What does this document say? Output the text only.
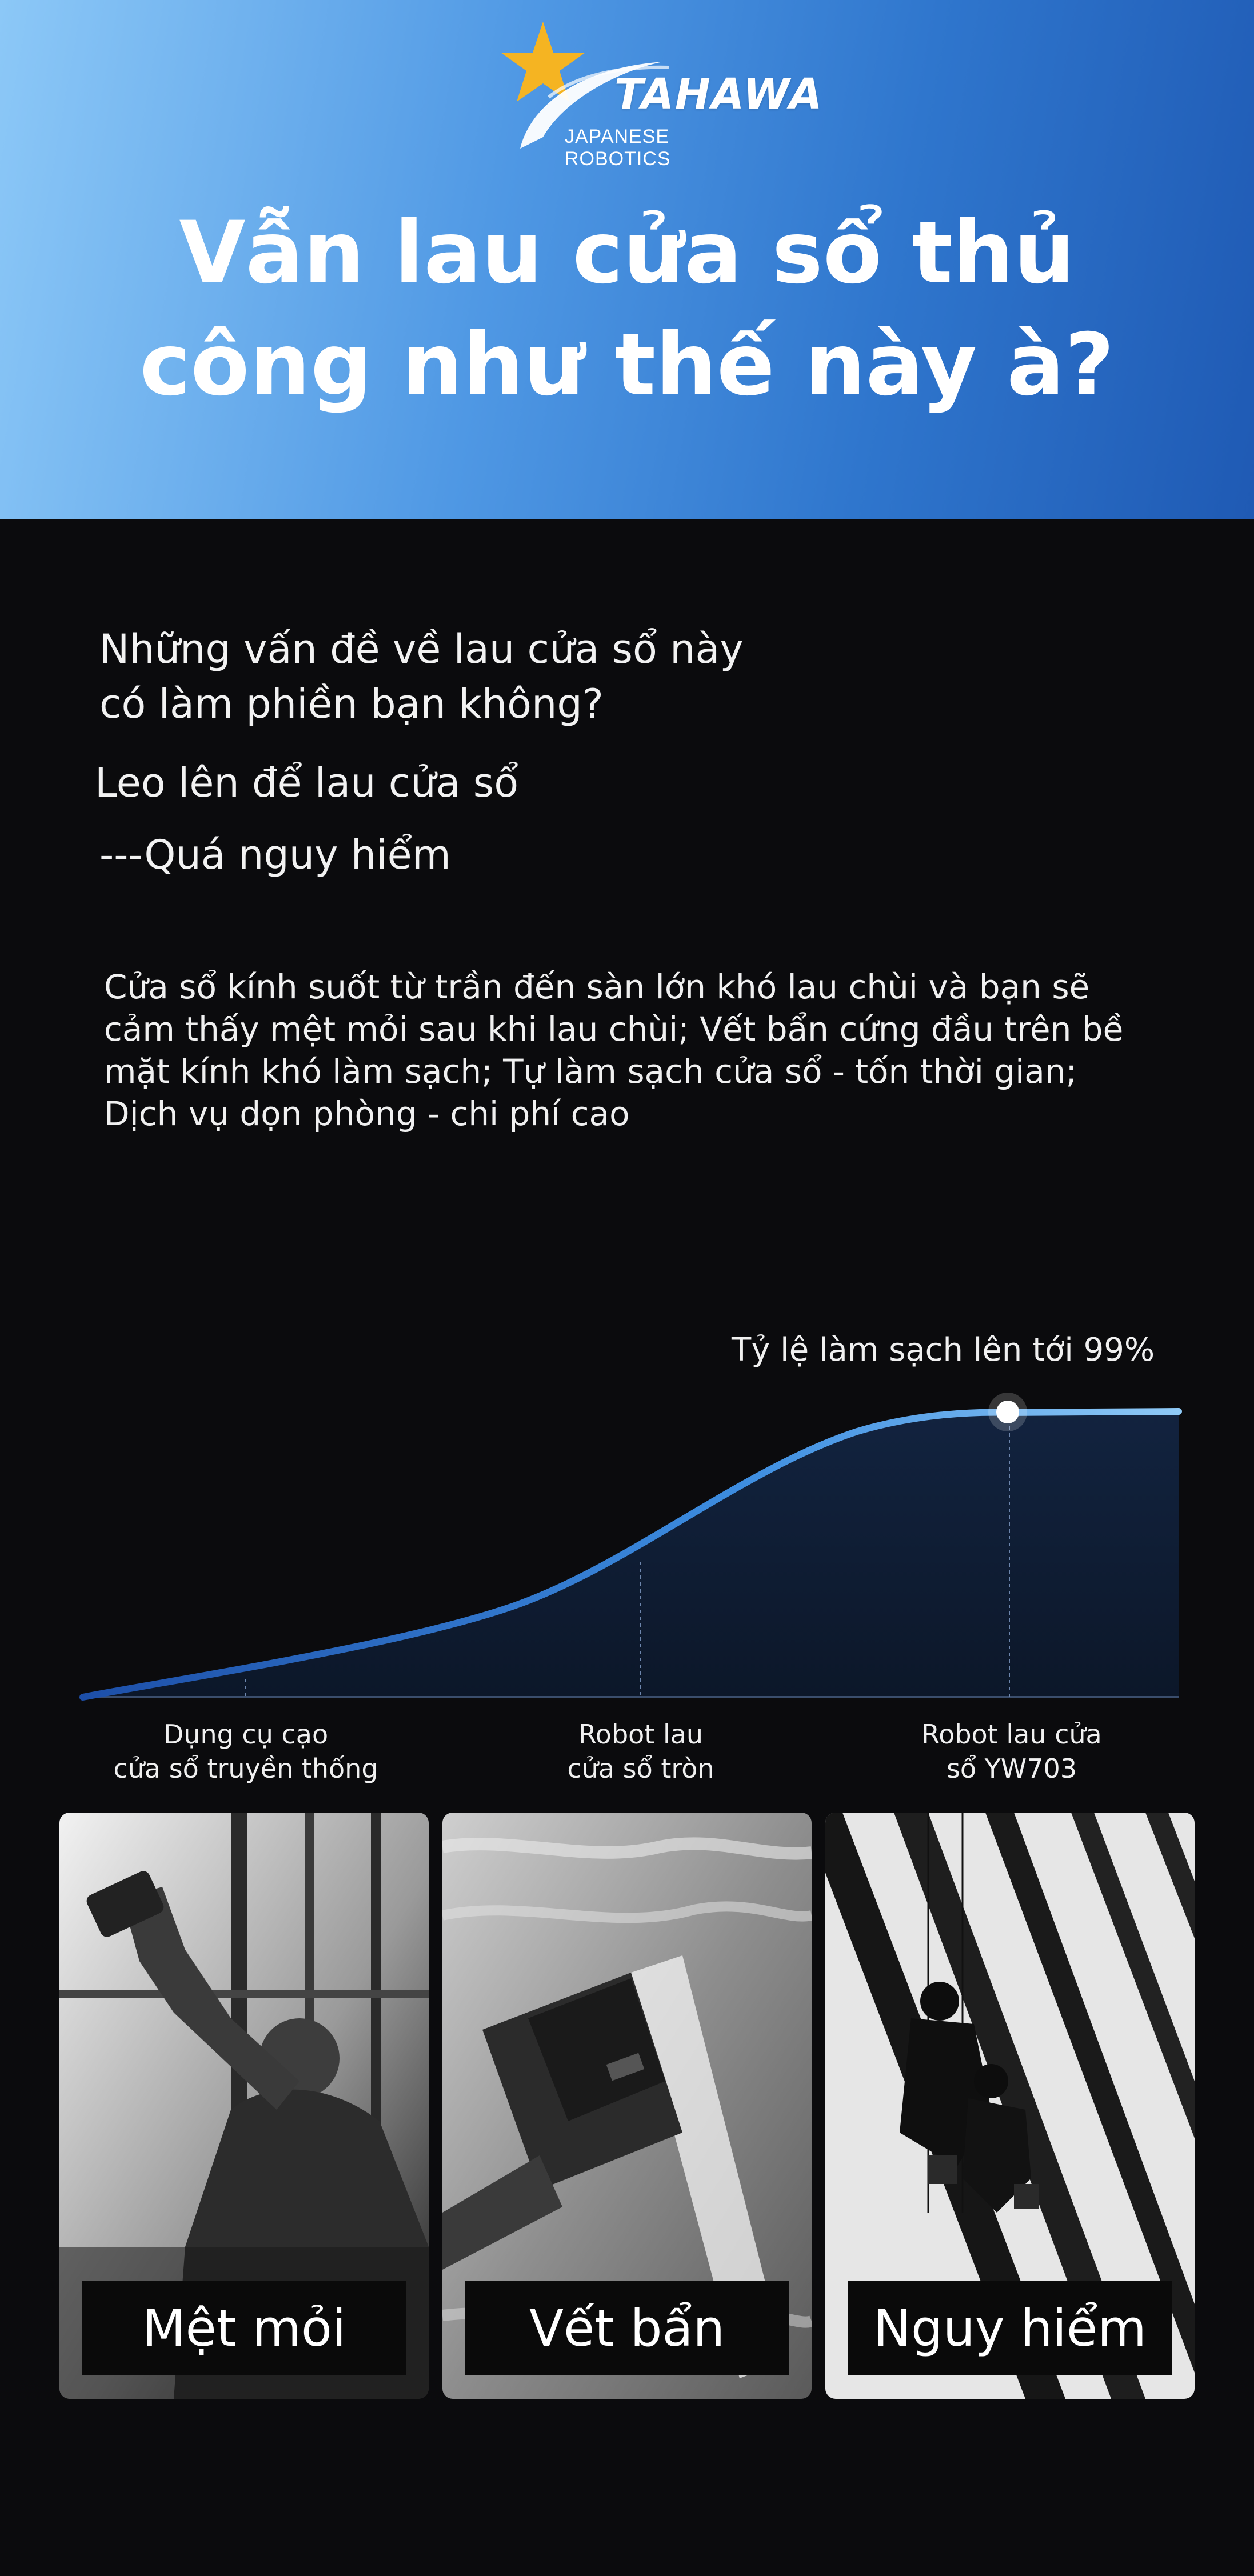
TAHAWA
JAPANESE ROBOTICS
Vẫn lau cửa sổ thủ
công như thế này à?
Những vấn đề về lau cửa sổ này
có làm phiền bạn không?
Leo lên để lau cửa sổ
---Quá nguy hiểm
Cửa sổ kính suốt từ trần đến sàn lớn khó lau chùi và bạn sẽ
cảm thấy mệt mỏi sau khi lau chùi; Vết bẩn cứng đầu trên bề
mặt kính khó làm sạch; Tự làm sạch cửa sổ - tốn thời gian;
Dịch vụ dọn phòng - chi phí cao
Tỷ lệ làm sạch lên tới 99%
Dụng cụ cạo
cửa sổ truyền thống
Robot lau
cửa sổ tròn
Robot lau cửa
sổ YW703
Mệt mỏi	Vết bẩn	Nguy hiểm
